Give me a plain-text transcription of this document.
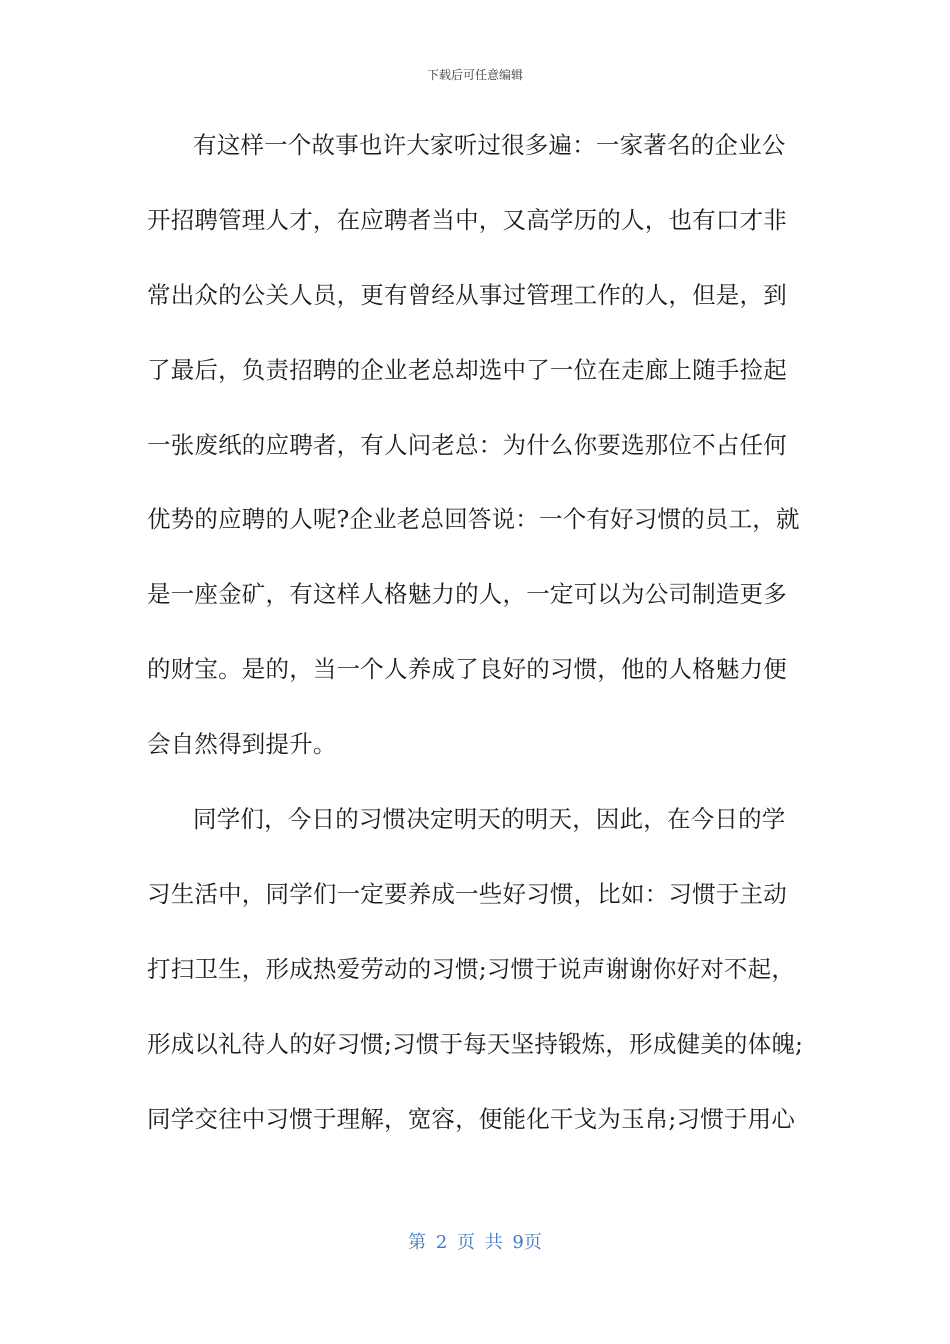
下载后可任意编辑
有这样一个故事也许大家听过很多遍：一家著名的企业公
开招聘管理人才，在应聘者当中，又高学历的人，也有口才非
常出众的公关人员，更有曾经从事过管理工作的人，但是，到
了最后，负责招聘的企业老总却选中了一位在走廊上随手捡起
一张废纸的应聘者，有人问老总：为什么你要选那位不占任何
优势的应聘的人呢?企业老总回答说：一个有好习惯的员工，就
是一座金矿，有这样人格魅力的人，一定可以为公司制造更多
的财宝。是的，当一个人养成了良好的习惯，他的人格魅力便
会自然得到提升。
同学们，今日的习惯决定明天的明天，因此，在今日的学
习生活中，同学们一定要养成一些好习惯，比如：习惯于主动
打扫卫生，形成热爱劳动的习惯;习惯于说声谢谢你好对不起，
形成以礼待人的好习惯;习惯于每天坚持锻炼，形成健美的体魄;
同学交往中习惯于理解，宽容，便能化干戈为玉帛;习惯于用心
第 2 页 共 9页
